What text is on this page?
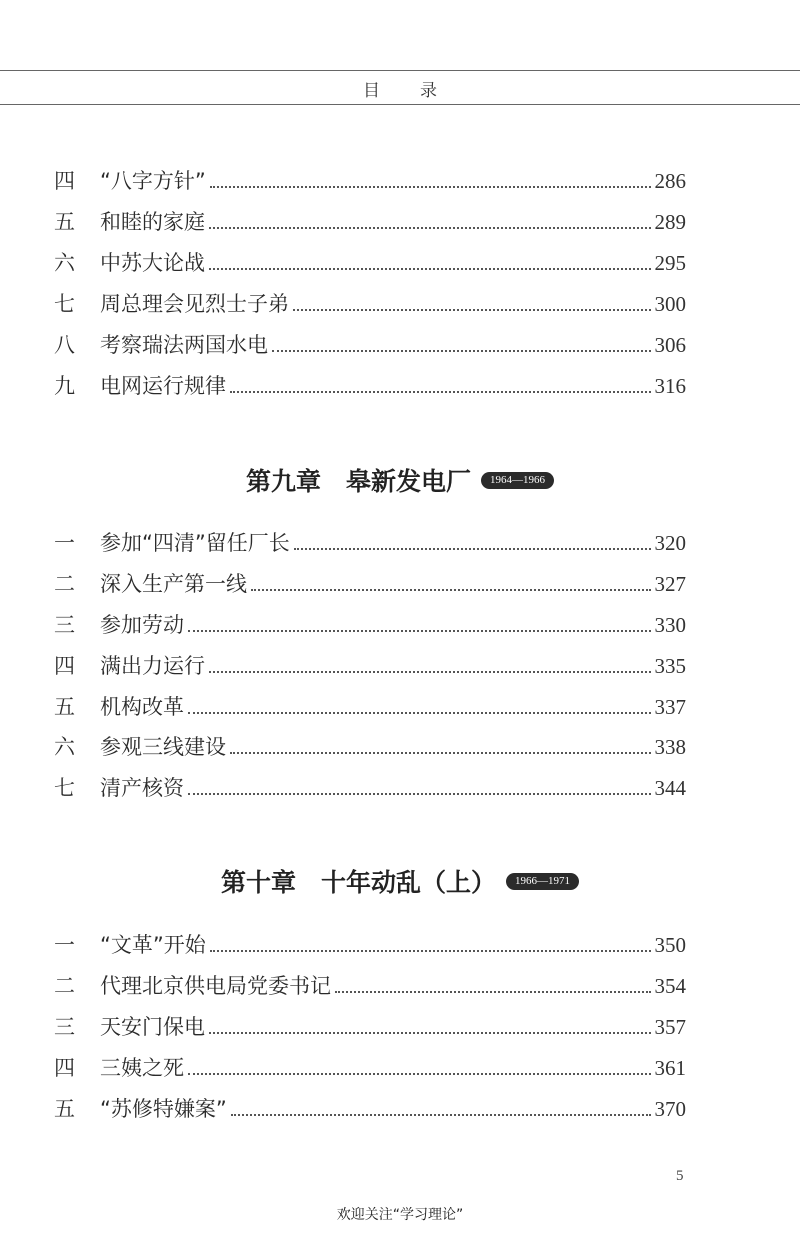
目录
四	“八字方针”	286
五	和睦的家庭	289
六	中苏大论战	295
七	周总理会见烈士子弟	300
八	考察瑞法两国水电	306
九	电网运行规律	316
第九章　皋新发电厂	1964—1966
一	参加“四清”留任厂长	320
二	深入生产第一线	327
三	参加劳动	330
四	满出力运行	335
五	机构改革	337
六	参观三线建设	338
七	清产核资	344
第十章　十年动乱（上）	1966—1971
一	“文革”开始	350
二	代理北京供电局党委书记	354
三	天安门保电	357
四	三姨之死	361
五	“苏修特嫌案”	370
5
欢迎关注“学习理论”
